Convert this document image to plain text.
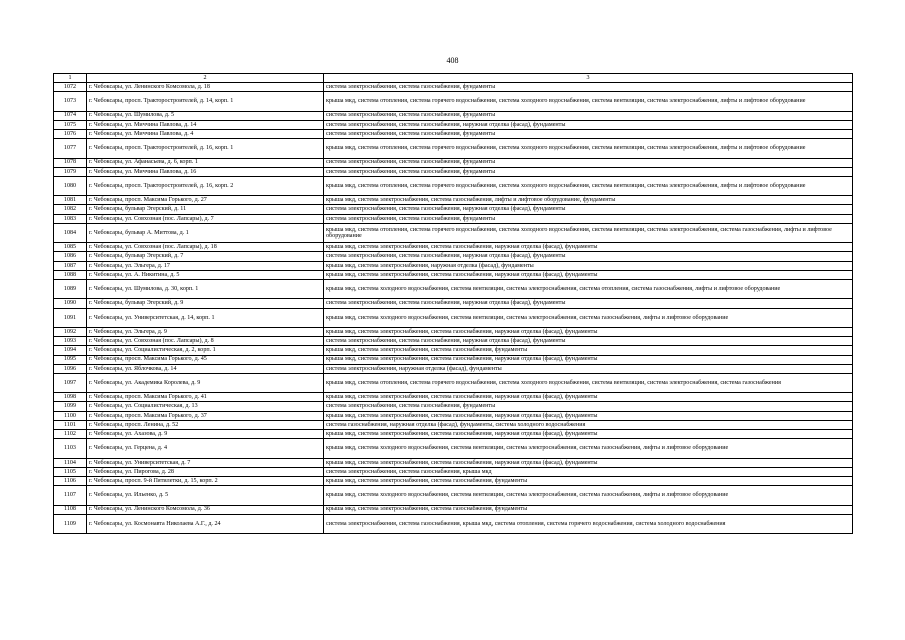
408
1	2	3
1072	г. Чебоксары, ул. Ленинского Комсомола, д. 18	система электроснабжения, система газоснабжения, фундаменты
1073	г. Чебоксары, просп. Тракторостроителей, д. 14, корп. 1	крыша мкд, система отопления, система горячего водоснабжения, система холодного водоснабжения, система вентиляции, система электроснабжения, лифты и лифтовое оборудование
1074	г. Чебоксары, ул. Шумилова, д. 5	система электроснабжения, система газоснабжения, фундаменты
1075	г. Чебоксары, ул. Миччина Павлова, д. 14	система электроснабжения, система газоснабжения, наружная отделка (фасад), фундаменты
1076	г. Чебоксары, ул. Миччина Павлова, д. 4	система электроснабжения, система газоснабжения, фундаменты
1077	г. Чебоксары, просп. Тракторостроителей, д. 16, корп. 1	крыша мкд, система отопления, система горячего водоснабжения, система холодного водоснабжения, система вентиляции, система электроснабжения, лифты и лифтовое оборудование
1078	г. Чебоксары, ул. Афанасьева, д. 6, корп. 1	система электроснабжения, система газоснабжения, фундаменты
1079	г. Чебоксары, ул. Миччина Павлова, д. 16	система электроснабжения, система газоснабжения, фундаменты
1080	г. Чебоксары, просп. Тракторостроителей, д. 16, корп. 2	крыша мкд, система отопления, система горячего водоснабжения, система холодного водоснабжения, система вентиляции, система электроснабжения, лифты и лифтовое оборудование
1081	г. Чебоксары, просп. Максима Горького, д. 27	крыша мкд, система электроснабжения, система газоснабжения, лифты и лифтовое оборудование, фундаменты
1082	г. Чебоксары, бульвар Эгерский, д. 11	система электроснабжения, система газоснабжения, наружная отделка (фасад), фундаменты
1083	г. Чебоксары, ул. Совхозная (пос. Лапсары), д. 7	система электроснабжения, система газоснабжения, фундаменты
1084	г. Чебоксары, бульвар А. Миттова, д. 1	крыша мкд, система отопления, система горячего водоснабжения, система холодного водоснабжения, система вентиляции, система электроснабжения, система газоснабжения, лифты и лифтовое оборудование
1085	г. Чебоксары, ул. Совхозная (пос. Лапсары), д. 18	крыша мкд, система электроснабжения, система газоснабжения, наружная отделка (фасад), фундаменты
1086	г. Чебоксары, бульвар Эгерский, д. 7	система электроснабжения, система газоснабжения, наружная отделка (фасад), фундаменты
1087	г. Чебоксары, ул. Эльгера, д. 17	крыша мкд, система электроснабжения, наружная отделка (фасад), фундаменты
1088	г. Чебоксары, ул. А. Никитина, д. 5	крыша мкд, система электроснабжения, система газоснабжения, наружная отделка (фасад), фундаменты
1089	г. Чебоксары, ул. Шумилова, д. 30, корп. 1	крыша мкд, система холодного водоснабжения, система вентиляции, система электроснабжения, система отопления, система газоснабжения, лифты и лифтовое оборудование
1090	г. Чебоксары, бульвар Эгерский, д. 9	система электроснабжения, система газоснабжения, наружная отделка (фасад), фундаменты
1091	г. Чебоксары, ул. Университетская, д. 14, корп. 1	крыша мкд, система холодного водоснабжения, система вентиляции, система электроснабжения, система газоснабжения, лифты и лифтовое оборудование
1092	г. Чебоксары, ул. Эльгера, д. 9	крыша мкд, система электроснабжения, система газоснабжения, наружная отделка (фасад), фундаменты
1093	г. Чебоксары, ул. Совхозная (пос. Лапсары), д. 8	система электроснабжения, система газоснабжения, наружная отделка (фасад), фундаменты
1094	г. Чебоксары, ул. Социалистическая, д. 2, корп. 1	крыша мкд, система электроснабжения, система газоснабжения, фундаменты
1095	г. Чебоксары, просп. Максима Горького, д. 45	крыша мкд, система электроснабжения, система газоснабжения, наружная отделка (фасад), фундаменты
1096	г. Чебоксары, ул. Яблочкова, д. 14	система электроснабжения, наружная отделка (фасад), фундаменты
1097	г. Чебоксары, ул. Академика Королева, д. 9	крыша мкд, система отопления, система горячего водоснабжения, система холодного водоснабжения, система вентиляции, система электроснабжения, система газоснабжения
1098	г. Чебоксары, просп. Максима Горького, д. 41	крыша мкд, система электроснабжения, система газоснабжения, наружная отделка (фасад), фундаменты
1099	г. Чебоксары, ул. Социалистическая, д. 13	система электроснабжения, система газоснабжения, фундаменты
1100	г. Чебоксары, просп. Максима Горького, д. 37	крыша мкд, система электроснабжения, система газоснабжения, наружная отделка (фасад), фундаменты
1101	г. Чебоксары, просп. Ленина, д. 52	система газоснабжения, наружная отделка (фасад), фундаменты, система холодного водоснабжения
1102	г. Чебоксары, ул. Ахазова, д. 9	крыша мкд, система электроснабжения, система газоснабжения, наружная отделка (фасад), фундаменты
1103	г. Чебоксары, ул. Герцена, д. 4	крыша мкд, система холодного водоснабжения, система вентиляции, система электроснабжения, система газоснабжения, лифты и лифтовое оборудование
1104	г. Чебоксары, ул. Университетская, д. 7	крыша мкд, система электроснабжения, система газоснабжения, наружная отделка (фасад), фундаменты
1105	г. Чебоксары, ул. Пирогова, д. 28	система электроснабжения, система газоснабжения, крыша мкд
1106	г. Чебоксары, просп. 9-й Пятилетки, д. 15, корп. 2	крыша мкд, система электроснабжения, система газоснабжения, фундаменты
1107	г. Чебоксары, ул. Ильенко, д. 5	крыша мкд, система холодного водоснабжения, система вентиляции, система электроснабжения, система газоснабжения, лифты и лифтовое оборудование
1108	г. Чебоксары, ул. Ленинского Комсомола, д. 36	крыша мкд, система электроснабжения, система газоснабжения, фундаменты
1109	г. Чебоксары, ул. Космонавта Николаева А.Г., д. 24	система электроснабжения, система газоснабжения, крыша мкд, система отопления, система горячего водоснабжения, система холодного водоснабжения
